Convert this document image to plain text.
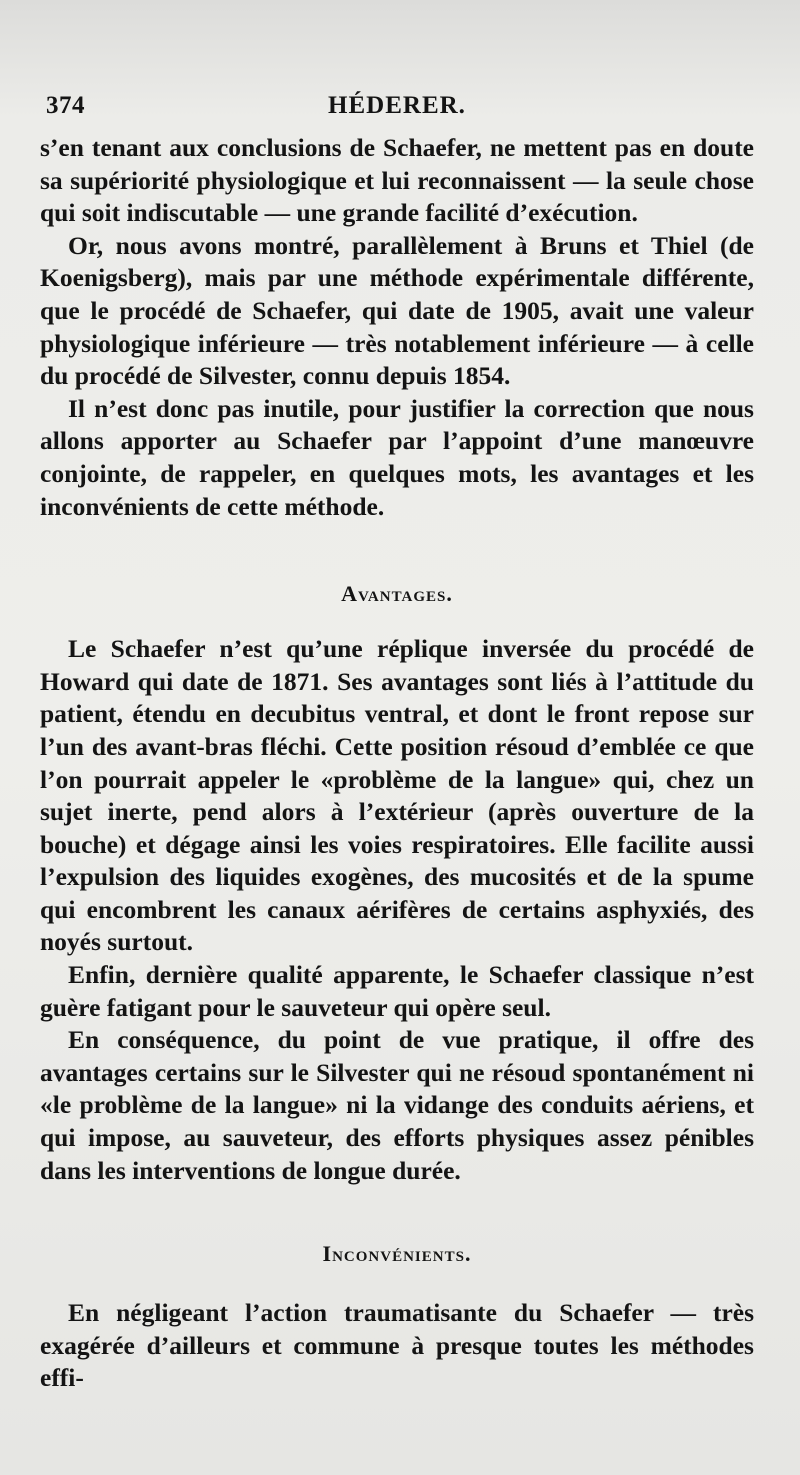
374	HÉDERER.

s’en tenant aux conclusions de Schaefer, ne mettent pas en doute sa supériorité physiologique et lui reconnaissent — la seule chose qui soit indiscutable — une grande facilité d’exécution.

Or, nous avons montré, parallèlement à Bruns et Thiel (de Koenigsberg), mais par une méthode expérimentale différente, que le procédé de Schaefer, qui date de 1905, avait une valeur physiologique inférieure — très notablement inférieure — à celle du procédé de Silvester, connu depuis 1854.

Il n’est donc pas inutile, pour justifier la correction que nous allons apporter au Schaefer par l’appoint d’une manœuvre conjointe, de rappeler, en quelques mots, les avantages et les inconvénients de cette méthode.

Avantages.

Le Schaefer n’est qu’une réplique inversée du procédé de Howard qui date de 1871. Ses avantages sont liés à l’attitude du patient, étendu en decubitus ventral, et dont le front repose sur l’un des avant-bras fléchi. Cette position résoud d’emblée ce que l’on pourrait appeler le «problème de la langue» qui, chez un sujet inerte, pend alors à l’extérieur (après ouverture de la bouche) et dégage ainsi les voies respiratoires. Elle facilite aussi l’expulsion des liquides exogènes, des mucosités et de la spume qui encombrent les canaux aérifères de certains asphyxiés, des noyés surtout.

Enfin, dernière qualité apparente, le Schaefer classique n’est guère fatigant pour le sauveteur qui opère seul.

En conséquence, du point de vue pratique, il offre des avantages certains sur le Silvester qui ne résoud spontanément ni «le problème de la langue» ni la vidange des conduits aériens, et qui impose, au sauveteur, des efforts physiques assez pénibles dans les interventions de longue durée.

Inconvénients.

En négligeant l’action traumatisante du Schaefer — très exagérée d’ailleurs et commune à presque toutes les méthodes effi-
